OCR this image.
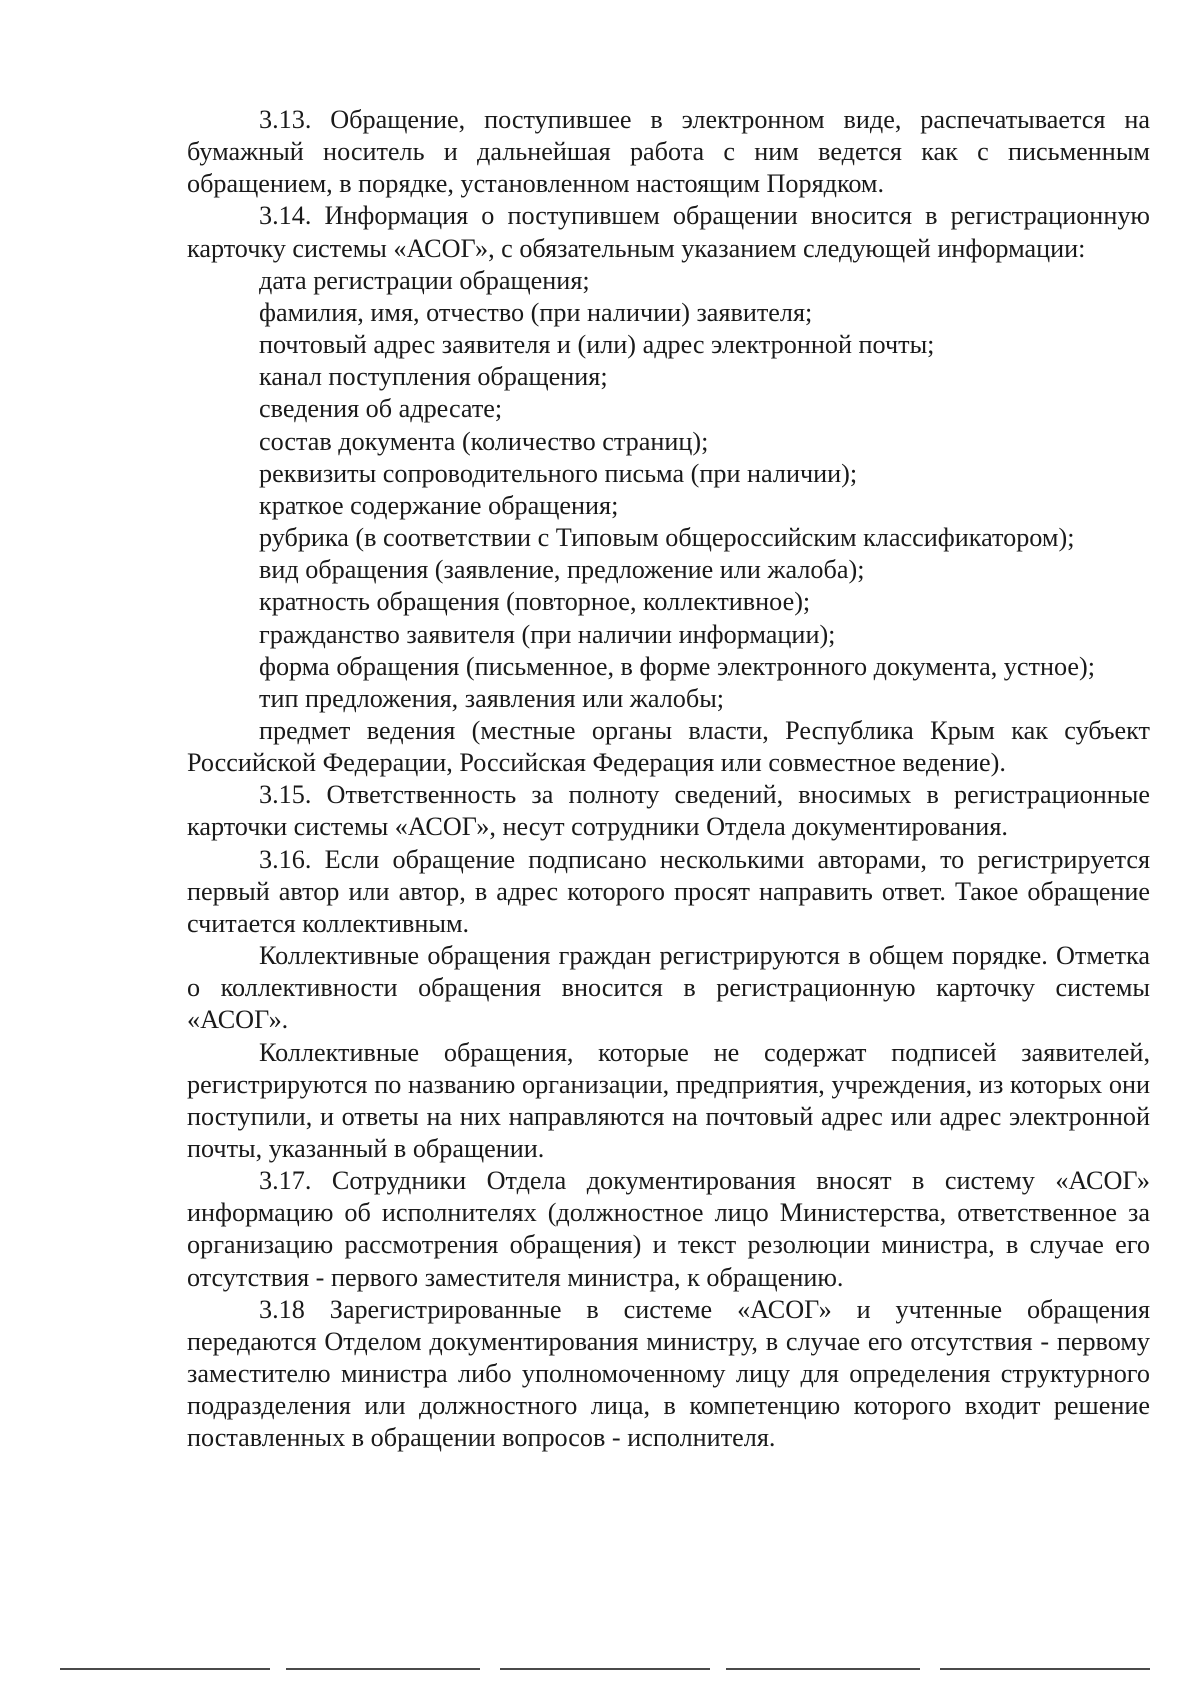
3.13. Обращение, поступившее в электронном виде, распечатывается на бумажный носитель и дальнейшая работа с ним ведется как с письменным обращением, в порядке, установленном настоящим Порядком.

3.14. Информация о поступившем обращении вносится в регистрационную карточку системы «АСОГ», с обязательным указанием следующей информации:

дата регистрации обращения;

фамилия, имя, отчество (при наличии) заявителя;

почтовый адрес заявителя и (или) адрес электронной почты;

канал поступления обращения;

сведения об адресате;

состав документа (количество страниц);

реквизиты сопроводительного письма (при наличии);

краткое содержание обращения;

рубрика (в соответствии с Типовым общероссийским классификатором);

вид обращения (заявление, предложение или жалоба);

кратность обращения (повторное, коллективное);

гражданство заявителя (при наличии информации);

форма обращения (письменное, в форме электронного документа, устное);

тип предложения, заявления или жалобы;

предмет ведения (местные органы власти, Республика Крым как субъект Российской Федерации, Российская Федерация или совместное ведение).

3.15. Ответственность за полноту сведений, вносимых в регистрационные карточки системы «АСОГ», несут сотрудники Отдела документирования.

3.16. Если обращение подписано несколькими авторами, то регистрируется первый автор или автор, в адрес которого просят направить ответ. Такое обращение считается коллективным.

Коллективные обращения граждан регистрируются в общем порядке. Отметка о коллективности обращения вносится в регистрационную карточку системы «АСОГ».

Коллективные обращения, которые не содержат подписей заявителей, регистрируются по названию организации, предприятия, учреждения, из которых они поступили, и ответы на них направляются на почтовый адрес или адрес электронной почты, указанный в обращении.

3.17. Сотрудники Отдела документирования вносят в систему «АСОГ» информацию об исполнителях (должностное лицо Министерства, ответственное за организацию рассмотрения обращения) и текст резолюции министра, в случае его отсутствия - первого заместителя министра, к обращению.

3.18 Зарегистрированные в системе «АСОГ» и учтенные обращения передаются Отделом документирования министру, в случае его отсутствия - первому заместителю министра либо уполномоченному лицу для определения структурного подразделения или должностного лица, в компетенцию которого входит решение поставленных в обращении вопросов - исполнителя.
